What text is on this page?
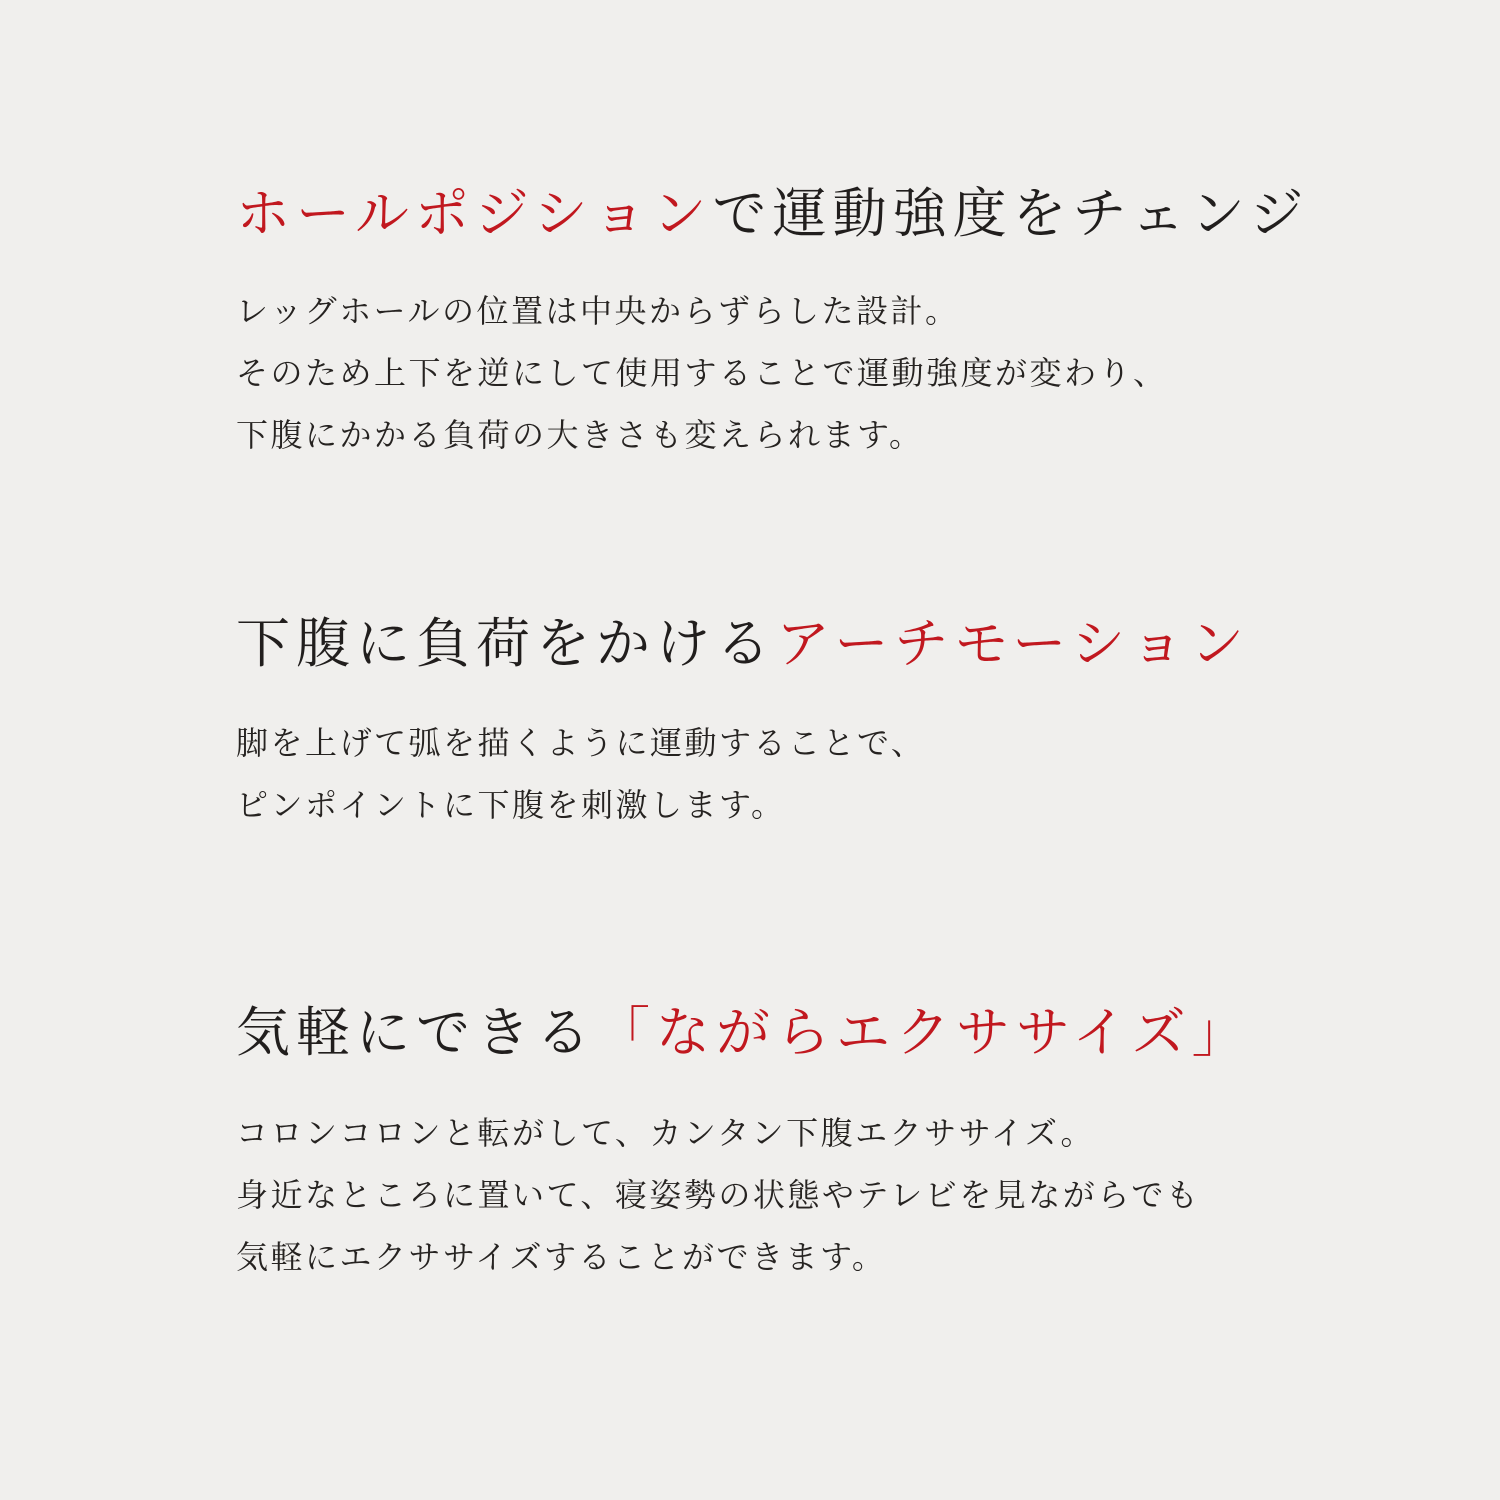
ホールポジションで運動強度をチェンジ

レッグホールの位置は中央からずらした設計。
そのため上下を逆にして使用することで運動強度が変わり、
下腹にかかる負荷の大きさも変えられます。

下腹に負荷をかけるアーチモーション

脚を上げて弧を描くように運動することで、
ピンポイントに下腹を刺激します。

気軽にできる「ながらエクササイズ」

コロンコロンと転がして、カンタン下腹エクササイズ。
身近なところに置いて、寝姿勢の状態やテレビを見ながらでも
気軽にエクササイズすることができます。
